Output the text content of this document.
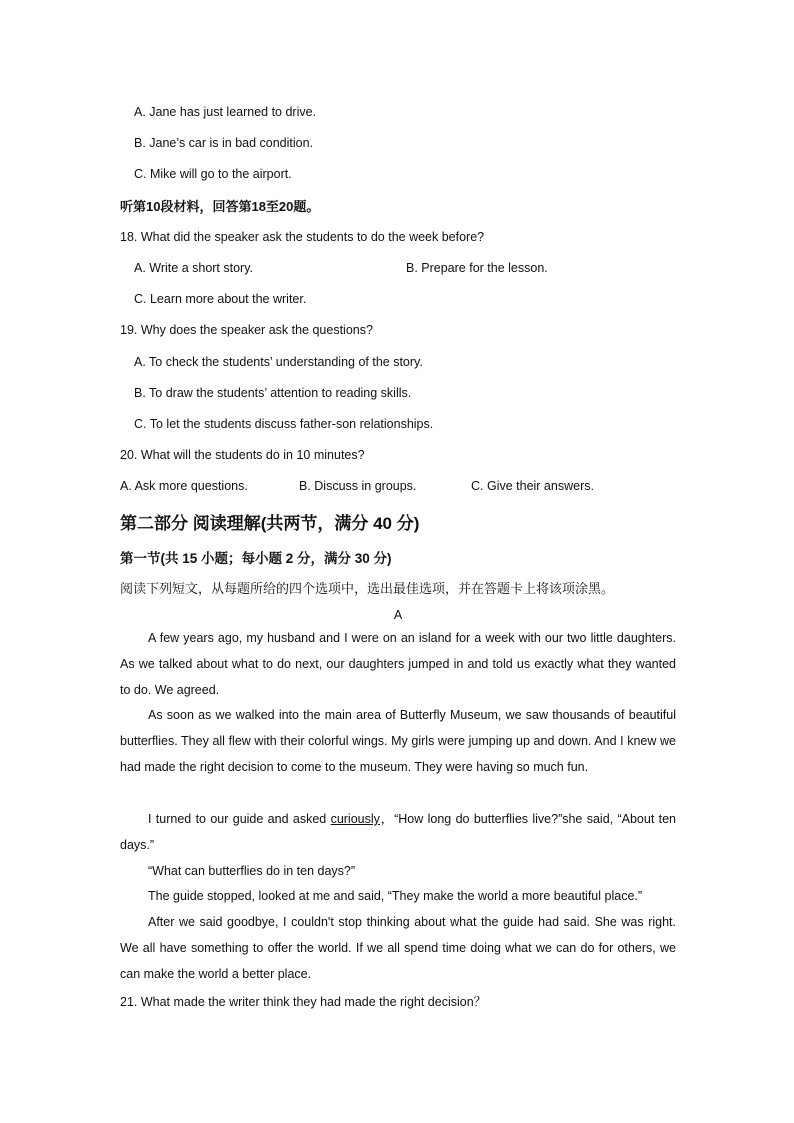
A. Jane has just learned to drive.
B. Jane’s car is in bad condition.
C. Mike will go to the airport.
听第10段材料，回答第18至20题。
18. What did the speaker ask the students to do the week before?
A. Write a short story.	B. Prepare for the lesson.
C. Learn more about the writer.
19. Why does the speaker ask the questions?
A. To check the students’ understanding of the story.
B. To draw the students’ attention to reading skills.
C. To let the students discuss father-son relationships.
20. What will the students do in 10 minutes?
A. Ask more questions.	B. Discuss in groups.	C. Give their answers.
第二部分 阅读理解(共两节，满分 40 分)
第一节(共 15 小题；每小题 2 分，满分 30 分)
阅读下列短文，从每题所给的四个选项中，选出最佳选项，并在答题卡上将该项涂黑。
A
A few years ago, my husband and I were on an island for a week with our two little daughters. As we talked about what to do next, our daughters jumped in and told us exactly what they wanted to do. We agreed.
As soon as we walked into the main area of Butterfly Museum, we saw thousands of beautiful butterflies. They all flew with their colorful wings. My girls were jumping up and down. And I knew we had made the right decision to come to the museum. They were having so much fun.
I turned to our guide and asked curiously，“How long do butterflies live?”she said, “About ten days.”
“What can butterflies do in ten days?”
The guide stopped, looked at me and said, “They make the world a more beautiful place.”
After we said goodbye, I couldn't stop thinking about what the guide had said. She was right. We all have something to offer the world. If we all spend time doing what we can do for others, we can make the world a better place.
21. What made the writer think they had made the right decision？
